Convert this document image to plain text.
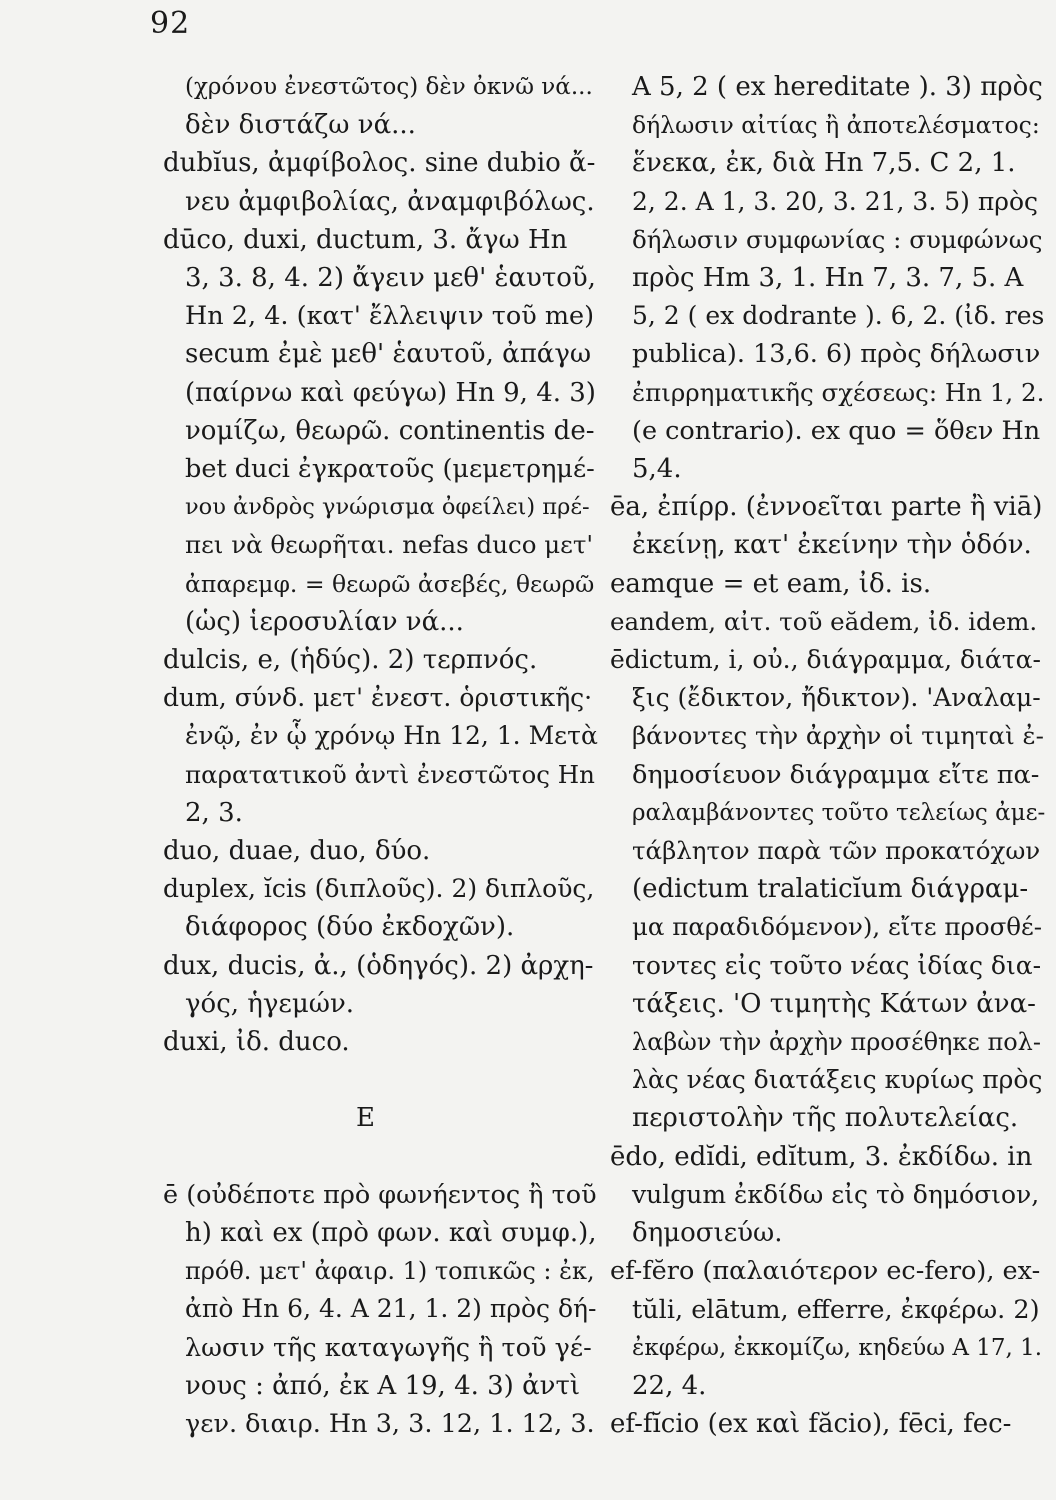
92
(χρόνου ἐνεστῶτος) δὲν ὀκνῶ νά...
δὲν διστάζω νά...
dubĭus, ἀμφίβολος. sine dubio ἄ-
νευ ἀμφιβολίας, ἀναμφιβόλως.
dūco, duxi, ductum, 3. ἄγω Hn
3, 3. 8, 4. 2) ἄγειν μεθ' ἑαυτοῦ,
Hn 2, 4. (κατ' ἔλλειψιν τοῦ me)
secum ἐμὲ μεθ' ἑαυτοῦ, ἀπάγω
(παίρνω καὶ φεύγω) Hn 9, 4. 3)
νομίζω, θεωρῶ. continentis de-
bet duci ἐγκρατοῦς (μεμετρημέ-
νου ἀνδρὸς γνώρισμα ὀφείλει) πρέ-
πει νὰ θεωρῆται. nefas duco μετ'
ἀπαρεμφ. = θεωρῶ ἀσεβές, θεωρῶ
(ὡς) ἱεροσυλίαν νά...
dulcis, e, (ἡδύς). 2) τερπνός.
dum, σύνδ. μετ' ἐνεστ. ὁριστικῆς·
ἐνῷ, ἐν ᾧ χρόνῳ Hn 12, 1. Μετὰ
παρατατικοῦ ἀντὶ ἐνεστῶτος Hn
2, 3.
duo, duae, duo, δύο.
duplex, ĭcis (διπλοῦς). 2) διπλοῦς,
διάφορος (δύο ἐκδοχῶν).
dux, ducis, ἀ., (ὁδηγός). 2) ἀρχη-
γός, ἡγεμών.
duxi, ἰδ. duco.
E
ē (οὐδέποτε πρὸ φωνήεντος ἢ τοῦ
h) καὶ ex (πρὸ φων. καὶ συμφ.),
πρόθ. μετ' ἀφαιρ. 1) τοπικῶς : ἐκ,
ἀπὸ Hn 6, 4. A 21, 1. 2) πρὸς δή-
λωσιν τῆς καταγωγῆς ἢ τοῦ γέ-
νους : ἀπό, ἐκ A 19, 4. 3) ἀντὶ
γεν. διαιρ. Hn 3, 3. 12, 1. 12, 3.
A 5, 2 ( ex hereditate ). 3) πρὸς
δήλωσιν αἰτίας ἢ ἀποτελέσματος:
ἕνεκα, ἐκ, διὰ Hn 7,5. C 2, 1.
2, 2. A 1, 3. 20, 3. 21, 3. 5) πρὸς
δήλωσιν συμφωνίας : συμφώνως
πρὸς Hm 3, 1. Hn 7, 3. 7, 5. A
5, 2 ( ex dodrante ). 6, 2. (ἰδ. res
publica). 13,6. 6) πρὸς δήλωσιν
ἐπιρρηματικῆς σχέσεως: Hn 1, 2.
(e contrario). ex quo = ὅθεν Hn
5,4.
ēa, ἐπίρρ. (ἐννοεῖται parte ἢ viā)
ἐκείνῃ, κατ' ἐκείνην τὴν ὁδόν.
eamque = et eam, ἰδ. is.
eandem, αἰτ. τοῦ eădem, ἰδ. idem.
ēdictum, i, οὐ., διάγραμμα, διάτα-
ξις (ἔδικτον, ἤδικτον). 'Αναλαμ-
βάνοντες τὴν ἀρχὴν οἱ τιμηταὶ ἐ-
δημοσίευον διάγραμμα εἴτε πα-
ραλαμβάνοντες τοῦτο τελείως ἀμε-
τάβλητον παρὰ τῶν προκατόχων
(edictum tralaticĭum διάγραμ-
μα παραδιδόμενον), εἴτε προσθέ-
τοντες εἰς τοῦτο νέας ἰδίας δια-
τάξεις. 'Ο τιμητὴς Κάτων ἀνα-
λαβὼν τὴν ἀρχὴν προσέθηκε πολ-
λὰς νέας διατάξεις κυρίως πρὸς
περιστολὴν τῆς πολυτελείας.
ēdo, edĭdi, edĭtum, 3. ἐκδίδω. in
vulgum ἐκδίδω εἰς τὸ δημόσιον,
δημοσιεύω.
ef-fĕro (παλαιότερον ec-fero), ex-
tŭli, elātum, efferre, ἐκφέρω. 2)
ἐκφέρω, ἐκκομίζω, κηδεύω A 17, 1.
22, 4.
ef-fĭcio (ex καὶ făcio), fēci, fec-
